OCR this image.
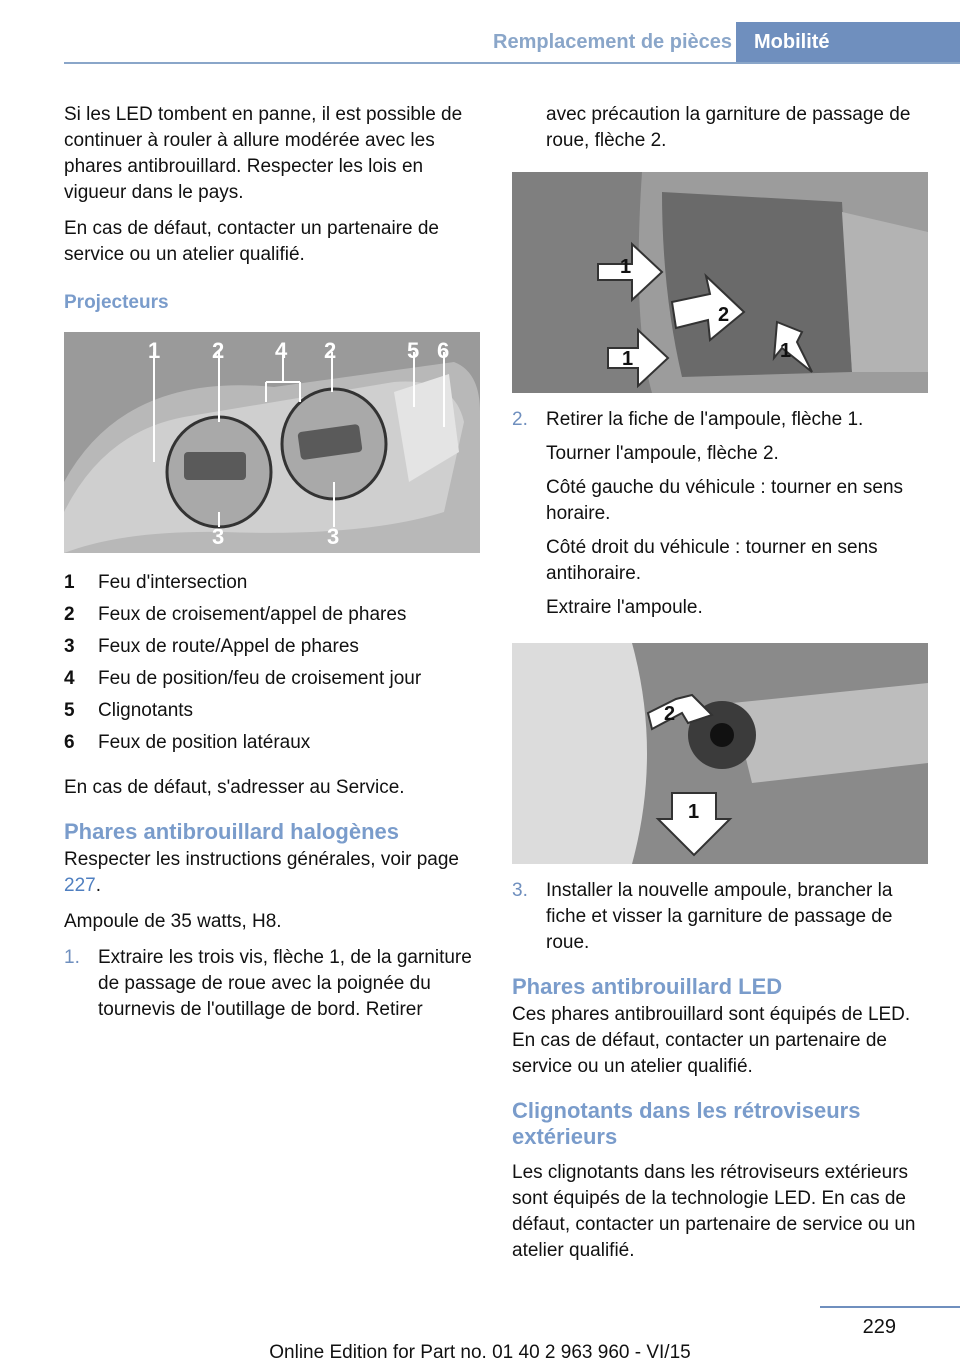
Remplacement de pièces	Mobilité

Si les LED tombent en panne, il est possible de continuer à rouler à allure modérée avec les phares antibrouillard. Respecter les lois en vigueur dans le pays.

En cas de défaut, contacter un partenaire de service ou un atelier qualifié.

Projecteurs
1 2 4 2	5 6
3	3
1	Feu d'intersection
2	Feux de croisement/appel de phares
3	Feux de route/Appel de phares
4	Feu de position/feu de croisement jour
5	Clignotants
6	Feux de position latéraux

En cas de défaut, s'adresser au Service.

Phares antibrouillard halogènes

Respecter les instructions générales, voir page 227.

Ampoule de 35 watts, H8.

1. Extraire les trois vis, flèche 1, de la garniture de passage de roue avec la poignée du tournevis de l'outillage de bord. Retirer

avec précaution la garniture de passage de roue, flèche 2.

1
2
1	1
2. Retirer la fiche de l'ampoule, flèche 1.

Tourner l'ampoule, flèche 2.

Côté gauche du véhicule : tourner en sens horaire.

Côté droit du véhicule : tourner en sens antihoraire.

Extraire l'ampoule.

2
1
3. Installer la nouvelle ampoule, brancher la fiche et visser la garniture de passage de roue.
Phares antibrouillard LED

Ces phares antibrouillard sont équipés de LED. En cas de défaut, contacter un partenaire de service ou un atelier qualifié.

Clignotants dans les rétroviseurs extérieurs

Les clignotants dans les rétroviseurs extérieurs sont équipés de la technologie LED. En cas de défaut, contacter un partenaire de service ou un atelier qualifié.

229
Online Edition for Part no. 01 40 2 963 960 - VI/15
